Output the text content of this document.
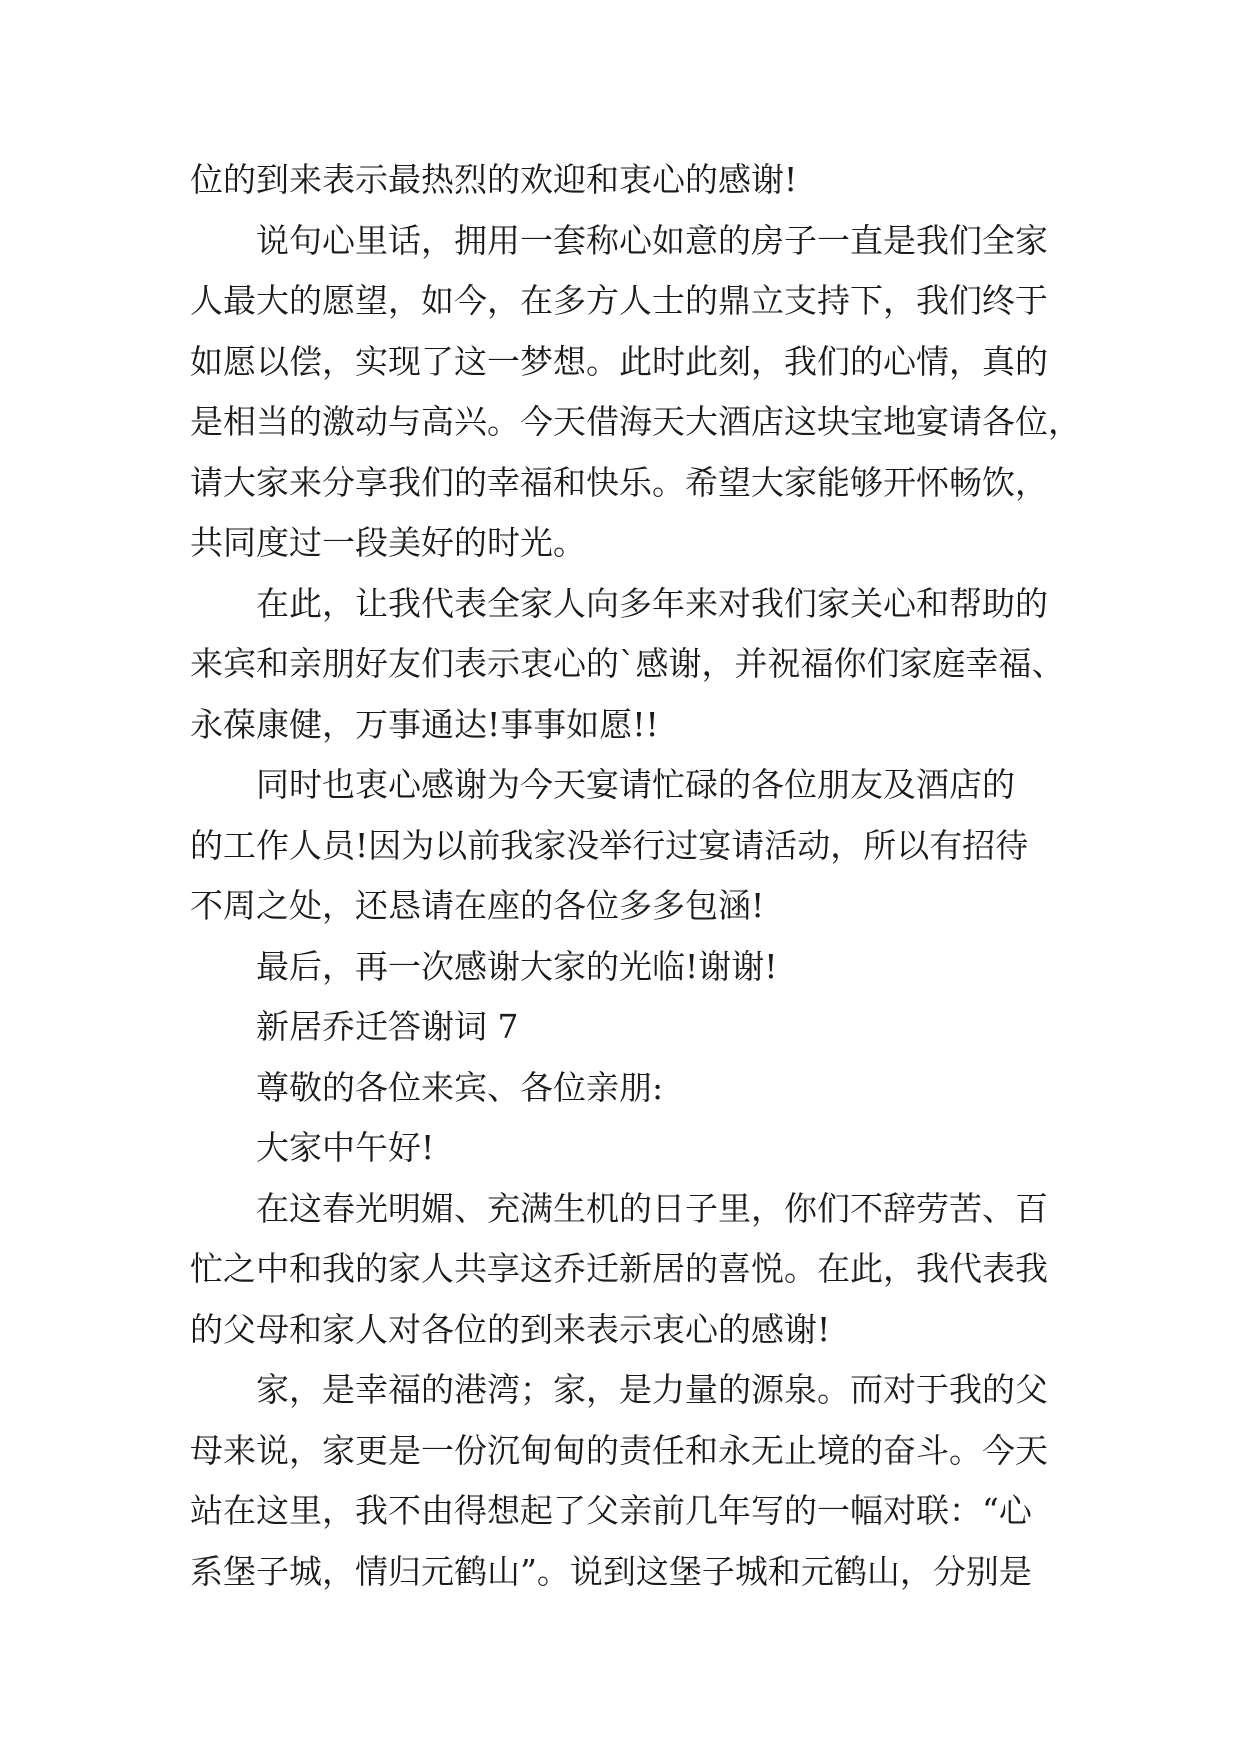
位的到来表示最热烈的欢迎和衷心的感谢!
说句心里话，拥用一套称心如意的房子一直是我们全家
人最大的愿望，如今，在多方人士的鼎立支持下，我们终于
如愿以偿，实现了这一梦想。此时此刻，我们的心情，真的
是相当的激动与高兴。今天借海天大酒店这块宝地宴请各位，
请大家来分享我们的幸福和快乐。希望大家能够开怀畅饮，
共同度过一段美好的时光。
在此，让我代表全家人向多年来对我们家关心和帮助的
来宾和亲朋好友们表示衷心的`感谢，并祝福你们家庭幸福、
永葆康健，万事通达!事事如愿!!
同时也衷心感谢为今天宴请忙碌的各位朋友及酒店的
的工作人员!因为以前我家没举行过宴请活动，所以有招待
不周之处，还恳请在座的各位多多包涵!
最后，再一次感谢大家的光临!谢谢!
新居乔迁答谢词 7
尊敬的各位来宾、各位亲朋:
大家中午好!
在这春光明媚、充满生机的日子里，你们不辞劳苦、百
忙之中和我的家人共享这乔迁新居的喜悦。在此，我代表我
的父母和家人对各位的到来表示衷心的感谢!
家，是幸福的港湾；家，是力量的源泉。而对于我的父
母来说，家更是一份沉甸甸的责任和永无止境的奋斗。今天
站在这里，我不由得想起了父亲前几年写的一幅对联：“心
系堡子城，情归元鹤山”。说到这堡子城和元鹤山，分别是
